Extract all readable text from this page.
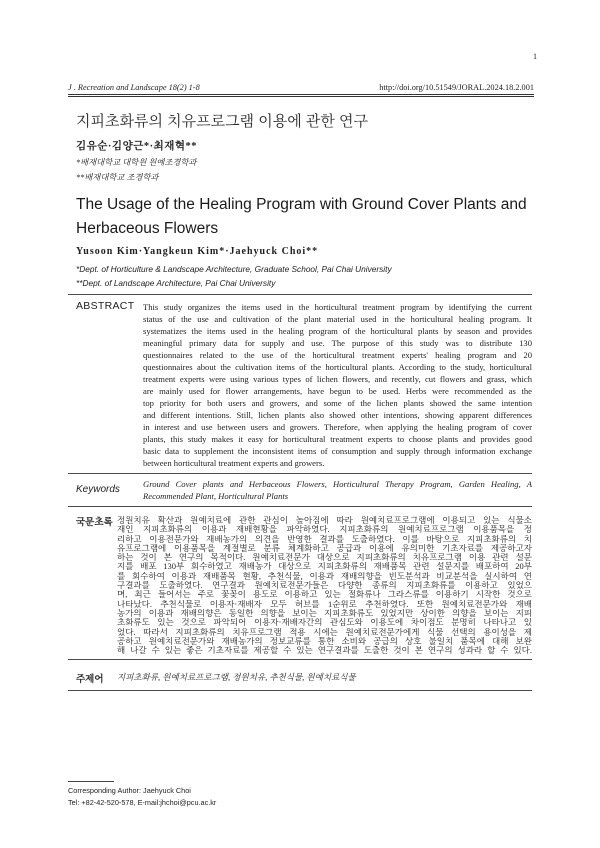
1
J . Recreation and Landscape 18(2) 1-8	http://doi.org/10.51549/JORAL.2024.18.2.001
지피초화류의 치유프로그램 이용에 관한 연구
김유순·김양근*·최재혁**
*배재대학교 대학원 원예조경학과
**배재대학교 조경학과
The Usage of the Healing Program with Ground Cover Plants and
Herbaceous Flowers
Yusoon Kim·Yangkeun Kim*·Jaehyuck Choi**
*Dept. of Horticulture & Landscape Architecture, Graduate School, Pai Chai University
**Dept. of Landscape Architecture, Pai Chai University
ABSTRACT This study organizes the items used in the horticultural treatment program by identifying the current
status of the use and cultivation of the plant material used in the horticultural healing program. It
systematizes the items used in the healing program of the horticultural plants by season and provides
meaningful primary data for supply and use. The purpose of this study was to distribute 130
questionnaires related to the use of the horticultural treatment experts' healing program and 20
questionnaires about the cultivation items of the horticultural plants. According to the study, horticultural
treatment experts were using various types of lichen flowers, and recently, cut flowers and grass, which
are mainly used for flower arrangements, have begun to be used. Herbs were recommended as the
top priority for both users and growers, and some of the lichen plants showed the same intention
and different intentions. Still, lichen plants also showed other intentions, showing apparent differences
in interest and use between users and growers. Therefore, when applying the healing program of cover
plants, this study makes it easy for horticultural treatment experts to choose plants and provides good
basic data to supplement the inconsistent items of consumption and supply through information exchange
between horticultural treatment experts and growers.
Keywords	Ground Cover plants and Herbaceous Flowers, Horticultural Therapy Program, Garden Healing, A
Recommended Plant, Horticultural Plants
국문초록 정원치유 확산과 원예치료에 관한 관심이 높아짐에 따라 원예치료프로그램에 이용되고 있는 식물소
재인 지피초화류의 이용과 재배현황을 파악하였다. 지피초화류의 원예치료프로그램 이용품목을 정
리하고 이용전문가와 재배농가의 의견을 반영한 결과를 도출하였다. 이를 바탕으로 지피초화류의 치
유프로그램에 이용품목을 계절별로 분류 체계화하고 공급과 이용에 유의미한 기초자료를 제공하고자
하는 것이 본 연구의 목적이다. 원예치료전문가 대상으로 지피초화류의 치유프로그램 이용 관련 설문
지를 배포 130부 회수하였고 재배농가 대상으로 지피초화류의 재배품목 관련 설문지를 배포하여 20부
를 회수하여 이용과 재배품목 현황, 추천식물, 이용과 재배의향을 빈도분석과 비교분석을 실시하여 연
구결과를 도출하였다. 연구결과 원예치료전문가들은 다양한 종류의 지피초화류를 이용하고 있었으
며, 최근 들어서는 주로 꽃꽂이 용도로 이용하고 있는 절화류나 그라스류를 이용하기 시작한 것으로
나타났다. 추천식물로 이용자·재배자 모두 허브를 1순위로 추천하였다. 또한 원예치료전문가와 재배
농가의 이용과 재배의향은 동일한 의향을 보이는 지피초화류도 있었지만 상이한 의향을 보이는 지피
초화류도 있는 것으로 파악되어 이용자·재배자간의 관심도와 이용도에 차이점도 분명히 나타나고 있
었다. 따라서 지피초화류의 치유프로그램 적용 시에는 원예치료전문가에게 식물 선택의 용이성을 제
공하고 원예치료전문가와 재배농가의 정보교류를 통한 소비와 공급의 상호 불일치 품목에 대해 보완
해 나갈 수 있는 좋은 기초자료를 제공할 수 있는 연구결과를 도출한 것이 본 연구의 성과라 할 수 있다.
주제어 지피초화류, 원예치료프로그램, 정원치유, 추천식물, 원예치료식물
Corresponding Author: Jaehyuck Choi
Tel: +82-42-520-578, E-mail:jhchoi@pcu.ac.kr
